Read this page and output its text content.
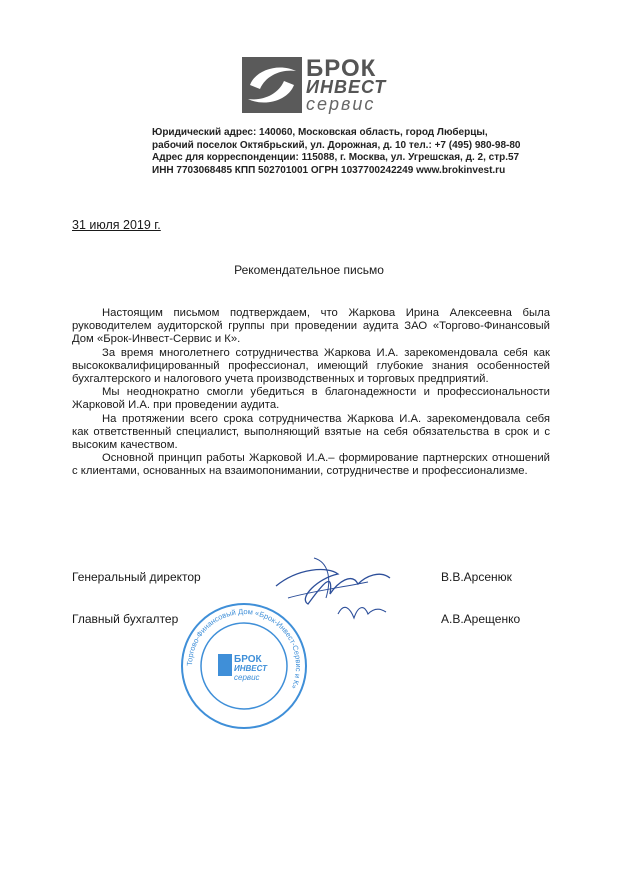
БРОК
ИНВЕСТ
сервис
Юридический адрес: 140060, Московская область, город Люберцы,
рабочий поселок Октябрьский, ул. Дорожная, д. 10 тел.: +7 (495) 980-98-80
Адрес для корреспонденции: 115088, г. Москва, ул. Угрешская, д. 2, стр.57
ИНН 7703068485 КПП 502701001 ОГРН 1037700242249 www.brokinvest.ru
31 июля 2019 г.
Рекомендательное письмо

Настоящим письмом подтверждаем, что Жаркова Ирина Алексеевна была руководителем аудиторской группы при проведении аудита ЗАО «Торгово-Финансовый Дом «Брок-Инвест-Сервис и К».

За время многолетнего сотрудничества Жаркова И.А. зарекомендовала себя как высококвалифицированный профессионал, имеющий глубокие знания особенностей бухгалтерского и налогового учета производственных и торговых предприятий.

Мы неоднократно смогли убедиться в благонадежности и профессиональности Жарковой И.А. при проведении аудита.

На протяжении всего срока сотрудничества Жаркова И.А. зарекомендовала себя как ответственный специалист, выполняющий взятые на себя обязательства в срок и с высоким качеством.

Основной принцип работы Жарковой И.А.– формирование партнерских отношений с клиентами, основанных на взаимопонимании, сотрудничестве и профессионализме.

Торгово-Финансовый Дом «Брок-Инвест-Сервис и К»
БРОК
ИНВЕСТ
сервис
Генеральный директор	В.В.Арсенюк
Главный бухгалтер	А.В.Арещенко
